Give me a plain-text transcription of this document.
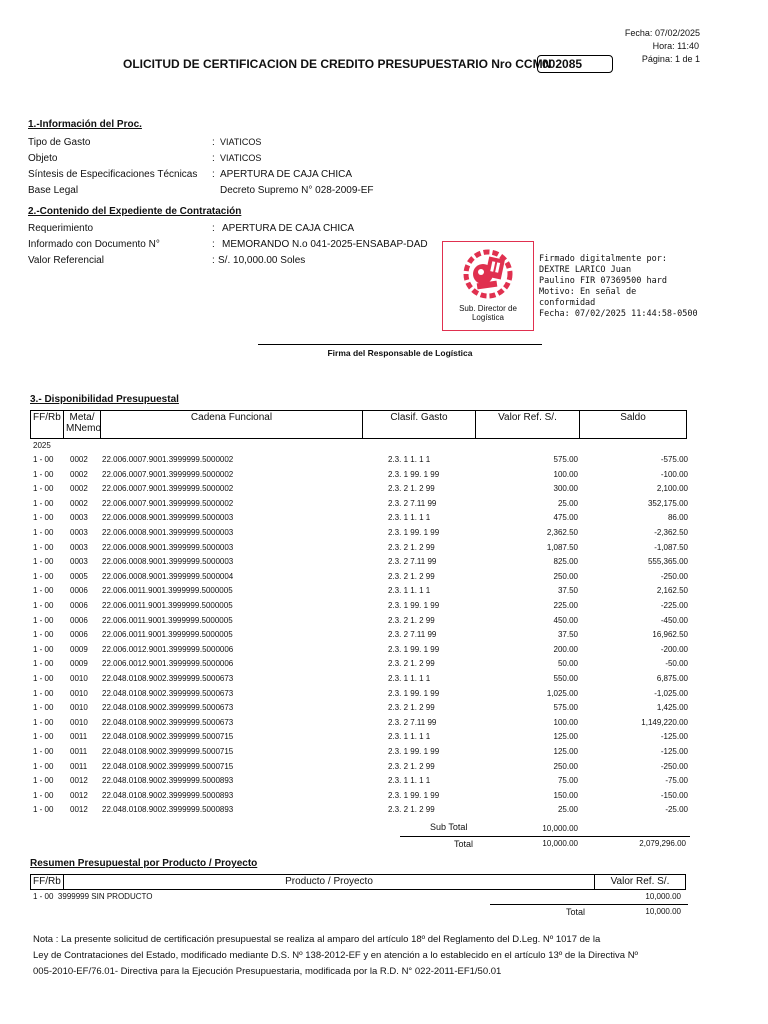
Fecha: 07/02/2025
Hora: 11:40
Página: 1 de 1
OLICITUD DE CERTIFICACION DE CREDITO PRESUPUESTARIO Nro CCMN
002085
1.-Información del Proc.
Tipo de Gasto	: VIATICOS
Objeto	: VIATICOS
Síntesis de Especificaciones Técnicas : APERTURA DE CAJA CHICA
Base Legal	Decreto Supremo N° 028-2009-EF
2.-Contenido del Expediente de Contratación
Requerimiento	: APERTURA DE CAJA CHICA
Informado con Documento N°	: MEMORANDO N.o 041-2025-ENSABAP-DAD
Valor Referencial	: S/. 10,000.00 Soles
Sub. Director de
Logística
Firmado digitalmente por:
DEXTRE LARICO Juan
Paulino FIR 07369500 hard
Motivo: En señal de
conformidad
Fecha: 07/02/2025 11:44:58-0500
Firma del Responsable de Logística
3.- Disponibilidad Presupuestal
FF/Rb Meta/
MNemo
Cadena Funcional	Clasif. Gasto	Valor Ref. S/.	Saldo
2025
1 - 00 0002 22.006.0007.9001.3999999.5000002	2.3. 1 1. 1 1	575.00	-575.00
1 - 00 0002 22.006.0007.9001.3999999.5000002	2.3. 1 99. 1 99	100.00	-100.00
1 - 00 0002 22.006.0007.9001.3999999.5000002	2.3. 2 1. 2 99	300.00	2,100.00
1 - 00 0002 22.006.0007.9001.3999999.5000002	2.3. 2 7.11 99	25.00	352,175.00
1 - 00 0003 22.006.0008.9001.3999999.5000003	2.3. 1 1. 1 1	475.00	86.00
1 - 00 0003 22.006.0008.9001.3999999.5000003	2.3. 1 99. 1 99	2,362.50	-2,362.50
1 - 00 0003 22.006.0008.9001.3999999.5000003	2.3. 2 1. 2 99	1,087.50	-1,087.50
1 - 00 0003 22.006.0008.9001.3999999.5000003	2.3. 2 7.11 99	825.00	555,365.00
1 - 00 0005 22.006.0008.9001.3999999.5000004	2.3. 2 1. 2 99	250.00	-250.00
1 - 00 0006 22.006.0011.9001.3999999.5000005	2.3. 1 1. 1 1	37.50	2,162.50
1 - 00 0006 22.006.0011.9001.3999999.5000005	2.3. 1 99. 1 99	225.00	-225.00
1 - 00 0006 22.006.0011.9001.3999999.5000005	2.3. 2 1. 2 99	450.00	-450.00
1 - 00 0006 22.006.0011.9001.3999999.5000005	2.3. 2 7.11 99	37.50	16,962.50
1 - 00 0009 22.006.0012.9001.3999999.5000006	2.3. 1 99. 1 99	200.00	-200.00
1 - 00 0009 22.006.0012.9001.3999999.5000006	2.3. 2 1. 2 99	50.00	-50.00
1 - 00 0010 22.048.0108.9002.3999999.5000673	2.3. 1 1. 1 1	550.00	6,875.00
1 - 00 0010 22.048.0108.9002.3999999.5000673	2.3. 1 99. 1 99	1,025.00	-1,025.00
1 - 00 0010 22.048.0108.9002.3999999.5000673	2.3. 2 1. 2 99	575.00	1,425.00
1 - 00 0010 22.048.0108.9002.3999999.5000673	2.3. 2 7.11 99	100.00	1,149,220.00
1 - 00 0011 22.048.0108.9002.3999999.5000715	2.3. 1 1. 1 1	125.00	-125.00
1 - 00 0011 22.048.0108.9002.3999999.5000715	2.3. 1 99. 1 99	125.00	-125.00
1 - 00 0011 22.048.0108.9002.3999999.5000715	2.3. 2 1. 2 99	250.00	-250.00
1 - 00 0012 22.048.0108.9002.3999999.5000893	2.3. 1 1. 1 1	75.00	-75.00
1 - 00 0012 22.048.0108.9002.3999999.5000893	2.3. 1 99. 1 99	150.00	-150.00
1 - 00 0012 22.048.0108.9002.3999999.5000893	2.3. 2 1. 2 99	25.00	-25.00
Sub Total	10,000.00
Total	10,000.00	2,079,296.00
Resumen Presupuestal por Producto / Proyecto
FF/Rb	Producto / Proyecto	Valor Ref. S/.
1 - 00 3999999 SIN PRODUCTO	10,000.00
Total	10,000.00
Nota : La presente solicitud de certificación presupuestal se realiza al amparo del artículo 18º del Reglamento del D.Leg. Nº 1017 de la
Ley de Contrataciones del Estado, modificado mediante D.S. Nº 138-2012-EF y en atención a lo establecido en el artículo 13º de la Directiva Nº
005-2010-EF/76.01- Directiva para la Ejecución Presupuestaria, modificada por la R.D. N° 022-2011-EF1/50.01
